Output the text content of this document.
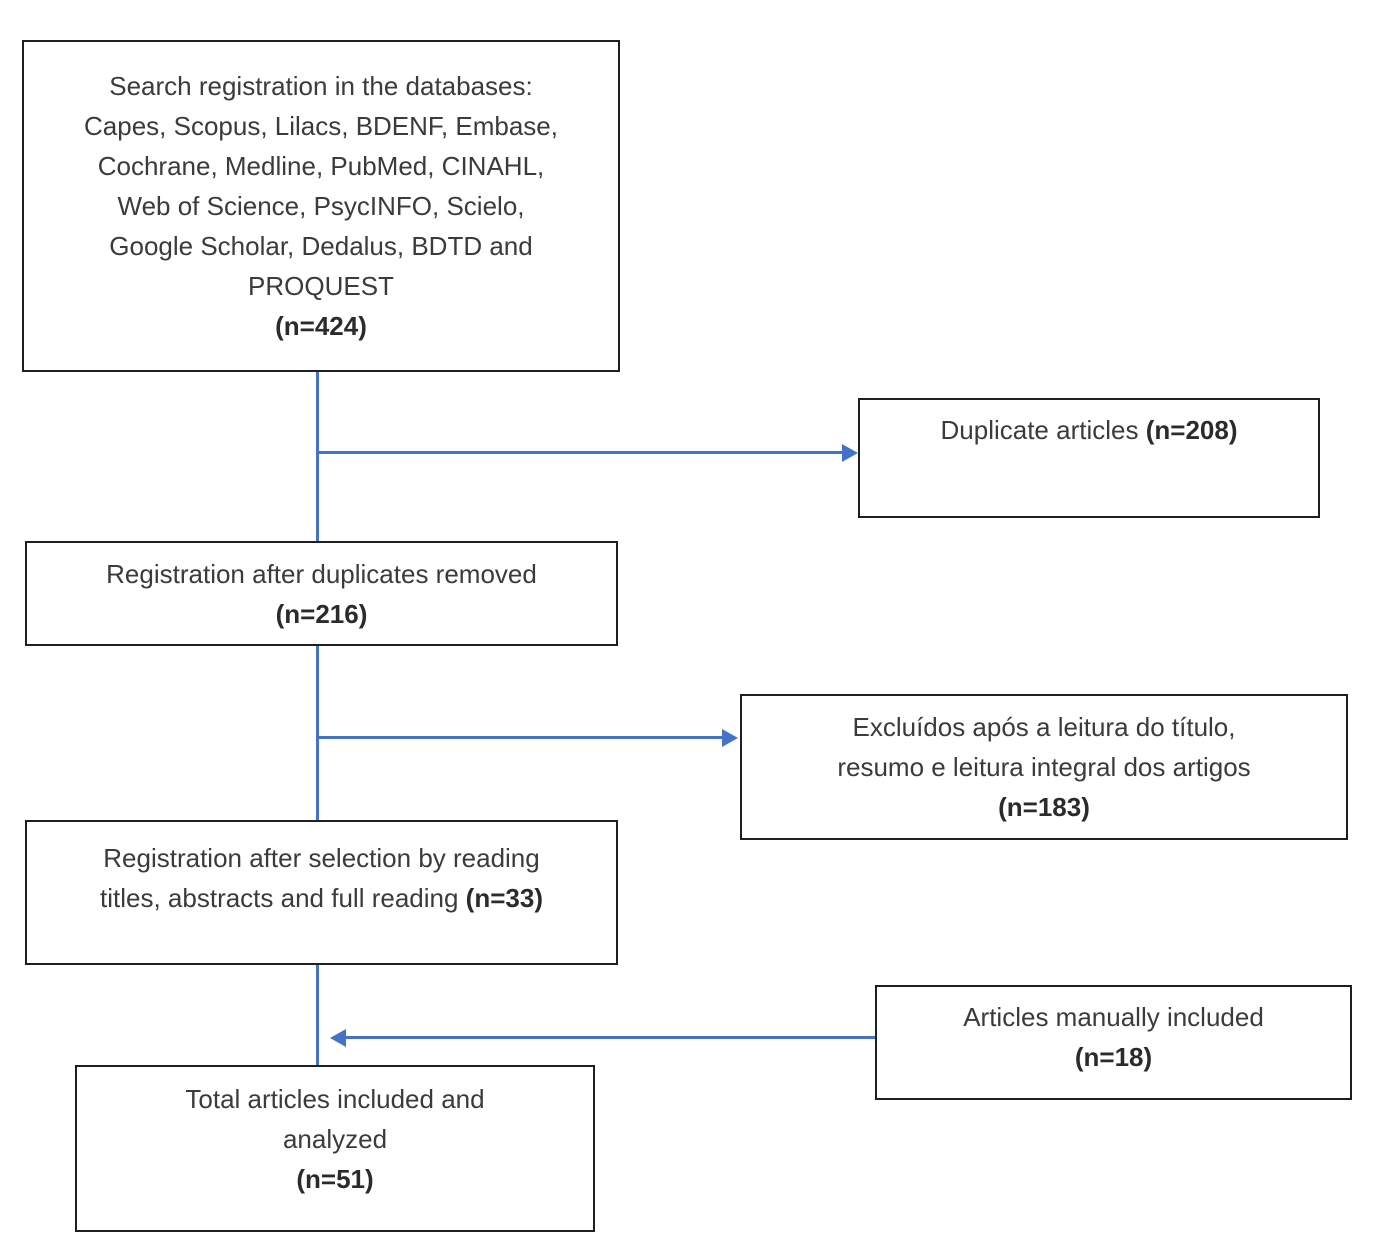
Search registration in the databases:
Capes, Scopus, Lilacs, BDENF, Embase,
Cochrane, Medline, PubMed, CINAHL,
Web of Science, PsycINFO, Scielo,
Google Scholar, Dedalus, BDTD and
PROQUEST
(n=424)
Duplicate articles (n=208)
Registration after duplicates removed
(n=216)
Excluídos após a leitura do título,
resumo e leitura integral dos artigos
(n=183)
Registration after selection by reading
titles, abstracts and full reading (n=33)
Articles manually included
(n=18)
Total articles included and
analyzed
(n=51)
